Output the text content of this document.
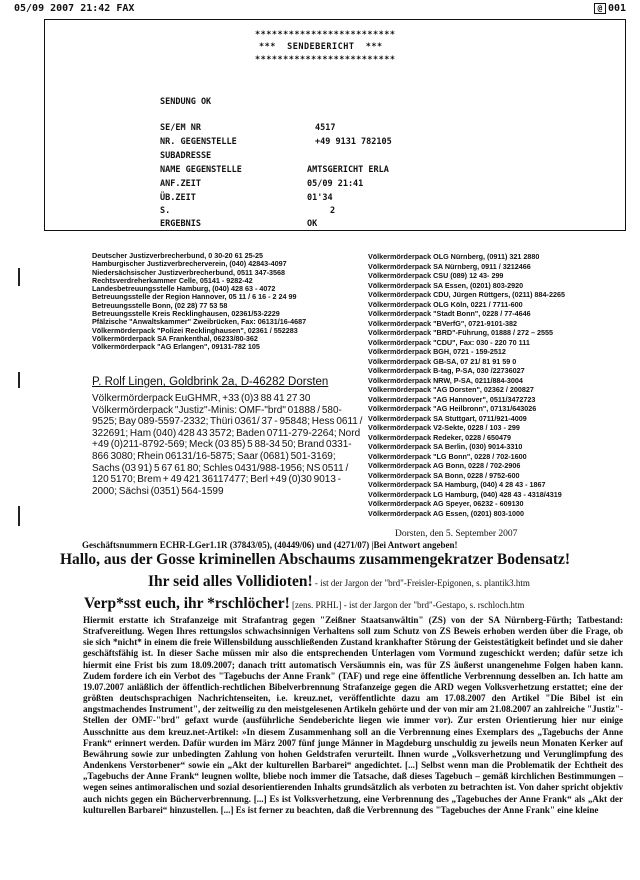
05/09 2007 21:42 FAX	@ 001
*************************
***  SENDEBERICHT  ***
*************************
SENDUNG OK
SE/EM NR	4517
NR. GEGENSTELLE	+49 9131 782105
SUBADRESSE
NAME GEGENSTELLE	AMTSGERICHT ERLA
ANF.ZEIT	05/09 21:41
ÜB.ZEIT	01'34
S.	2
ERGEBNIS	OK
Deutscher Justizverbrecherbund, 0 30-20 61 25-25
Hamburgischer Justizverbrecherverein, (040) 42843-4097
Niedersächsischer Justizverbrecherbund, 0511 347-3568
Rechtsverdreherkammer Celle, 05141 - 9282-42
Landesbetreuungsstelle Hamburg, (040) 428 63 - 4072
Betreuungsstelle der Region Hannover, 05 11 / 6 16 - 2 24 99
Betreuungsstelle Bonn, (02 28) 77 53 58
Betreuungsstelle Kreis Recklinghausen, 02361/53-2229
Pfälzische "Anwaltskammer" Zweibrücken, Fax: 06131/16-4687
Völkermörderpack "Polizei Recklinghausen", 02361 / 552283
Völkermörderpack SA Frankenthal, 06233/80-362
Völkermörderpack "AG Erlangen", 09131-782 105
Völkermörderpack OLG Nürnberg, (0911) 321 2880
Völkermörderpack SA Nürnberg, 0911 / 3212466
Völkermörderpack CSU (089) 12 43- 299
Völkermörderpack SA Essen, (0201) 803-2920
Völkermörderpack CDU, Jürgen Rüttgers, (0211) 884-2265
Völkermörderpack OLG Köln, 0221 / 7711-600
Völkermörderpack "Stadt Bonn", 0228 / 77-4646
Völkermörderpack "BVerfG", 0721-9101-382
Völkermörderpack "BRD"-Führung, 01888 / 272 – 2555
Völkermörderpack "CDU", Fax: 030 - 220 70 111
Völkermörderpack BGH, 0721 - 159-2512
Völkermörderpack GB-SA, 07 21/ 81 91 59 0
Völkermörderpack B-tag, P-SA, 030 /22736027
Völkermörderpack NRW, P-SA, 0211/884-3004
Völkermörderpack "AG Dorsten", 02362 / 200827
Völkermörderpack "AG Hannover", 0511/3472723
Völkermörderpack "AG Heilbronn", 07131/643026
Völkermörderpack SA Stuttgart, 0711/921-4009
Völkermörderpack V2-Sekte, 0228 / 103 - 299
Völkermörderpack Redeker, 0228 / 650479
Völkermörderpack SA Berlin, (030) 9014-3310
Völkermörderpack "LG Bonn", 0228 / 702-1600
Völkermörderpack AG Bonn, 0228 / 702-2906
Völkermörderpack SA Bonn, 0228 / 9752-600
Völkermörderpack SA Hamburg, (040) 4 28 43 - 1867
Völkermörderpack LG Hamburg, (040) 428 43 - 4318/4319
Völkermörderpack AG Speyer, 06232 - 609130
Völkermörderpack AG Essen, (0201) 803-1000
P. Rolf Lingen, Goldbrink 2a, D-46282 Dorsten
Völkermörderpack EuGHMR, +33 (0)3 88 41 27 30 Völkermörderpack "Justiz"-Minis: OMF-"brd" 01888 / 580-9525; Bay 089-5597-2332; Thüri 0361/ 37 - 95848; Hess 0611 / 322691; Ham (040) 428 43 3572; Baden 0711-279-2264; Nord +49 (0)211-8792-569; Meck (03 85) 5 88-34 50; Brand 0331-866 3080; Rhein 06131/16-5875; Saar (0681) 501-3169; Sachs (03 91) 5 67 61 80; Schles 0431/988-1956; NS 0511 / 120 5170; Brem + 49 421 36117477; Berl +49 (0)30 9013 - 2000; Sächsi (0351) 564-1599
Dorsten, den 5. September 2007
Geschäftsnummern ECHR-LGer1.1R (37843/05), (40449/06) und (4271/07) |Bei Antwort angeben!
Hallo, aus der Gosse kriminellen Abschaums zusammengekratzer Bodensatz!
Ihr seid alles Vollidioten! - ist der Jargon der "brd"-Freisler-Epigonen, s. plantik3.htm
Verp*sst euch, ihr *rschlöcher! [zens. PRHL] - ist der Jargon der "brd"-Gestapo, s. rschloch.htm

Hiermit erstatte ich Strafanzeige mit Strafantrag gegen "Zeißner Staatsanwältin" (ZS) von der SA Nürnberg-Fürth; Tatbestand: Strafvereitlung. Wegen Ihres rettungslos schwachsinnigen Verhaltens soll zum Schutz von ZS Beweis erhoben werden über die Frage, ob sie sich *nicht* in einem die freie Willensbildung ausschließenden Zustand krankhafter Störung der Geistestätigkeit befindet und sie daher geschäftsfähig ist. In dieser Sache müssen mir also die entsprechenden Unterlagen vom Vormund zugeschickt werden; dafür setze ich hiermit eine Frist bis zum 18.09.2007; danach tritt automatisch Versäumnis ein, was für ZS äußerst unangenehme Folgen haben kann. Zudem fordere ich ein Verbot des "Tagebuchs der Anne Frank" (TAF) und rege eine öffentliche Verbrennung desselben an. Ich hatte am 19.07.2007 anläßlich der öffentlich-rechtlichen Bibelverbrennung Strafanzeige gegen die ARD wegen Volksverhetzung erstattet; eine der größten deutschsprachigen Nachrichtenseiten, i.e. kreuz.net, veröffentlichte dazu am 17.08.2007 den Artikel "Die Bibel ist ein angstmachendes Instrument", der zeitweilig zu den meistgelesenen Artikeln gehörte und der von mir am 21.08.2007 an zahlreiche "Justiz"-Stellen der OMF-"brd" gefaxt wurde (ausführliche Sendeberichte liegen wie immer vor). Zur ersten Orientierung hier nur einige Ausschnitte aus dem kreuz.net-Artikel: »In diesem Zusammenhang soll an die Verbrennung eines Exemplars des „Tagebuchs der Anne Frank“ erinnert werden. Dafür wurden im März 2007 fünf junge Männer in Magdeburg unschuldig zu jeweils neun Monaten Kerker auf Bewährung sowie zur unbedingten Zahlung von hohen Geldstrafen verurteilt. Ihnen wurde „Volksverhetzung und Verunglimpfung des Andenkens Verstorbener“ sowie ein „Akt der kulturellen Barbarei“ angedichtet. [...] Selbst wenn man die Problematik der Echtheit des „Tagebuchs der Anne Frank“ leugnen wollte, bliebe noch immer die Tatsache, daß dieses Tagebuch – gemäß kirchlichen Bestimmungen – wegen seines antimoralischen und sozial desorientierenden Inhalts grundsätzlich als verboten zu betrachten ist. Von daher spricht objektiv auch nichts gegen ein Bücherverbrennung. [...] Es ist Volksverhetzung, eine Verbrennung des „Tagebuches der Anne Frank“ als „Akt der kulturellen Barbarei“ hinzustellen. [...] Es ist ferner zu beachten, daß die Verbrennung des "Tagebuches der Anne Frank" eine kleine
